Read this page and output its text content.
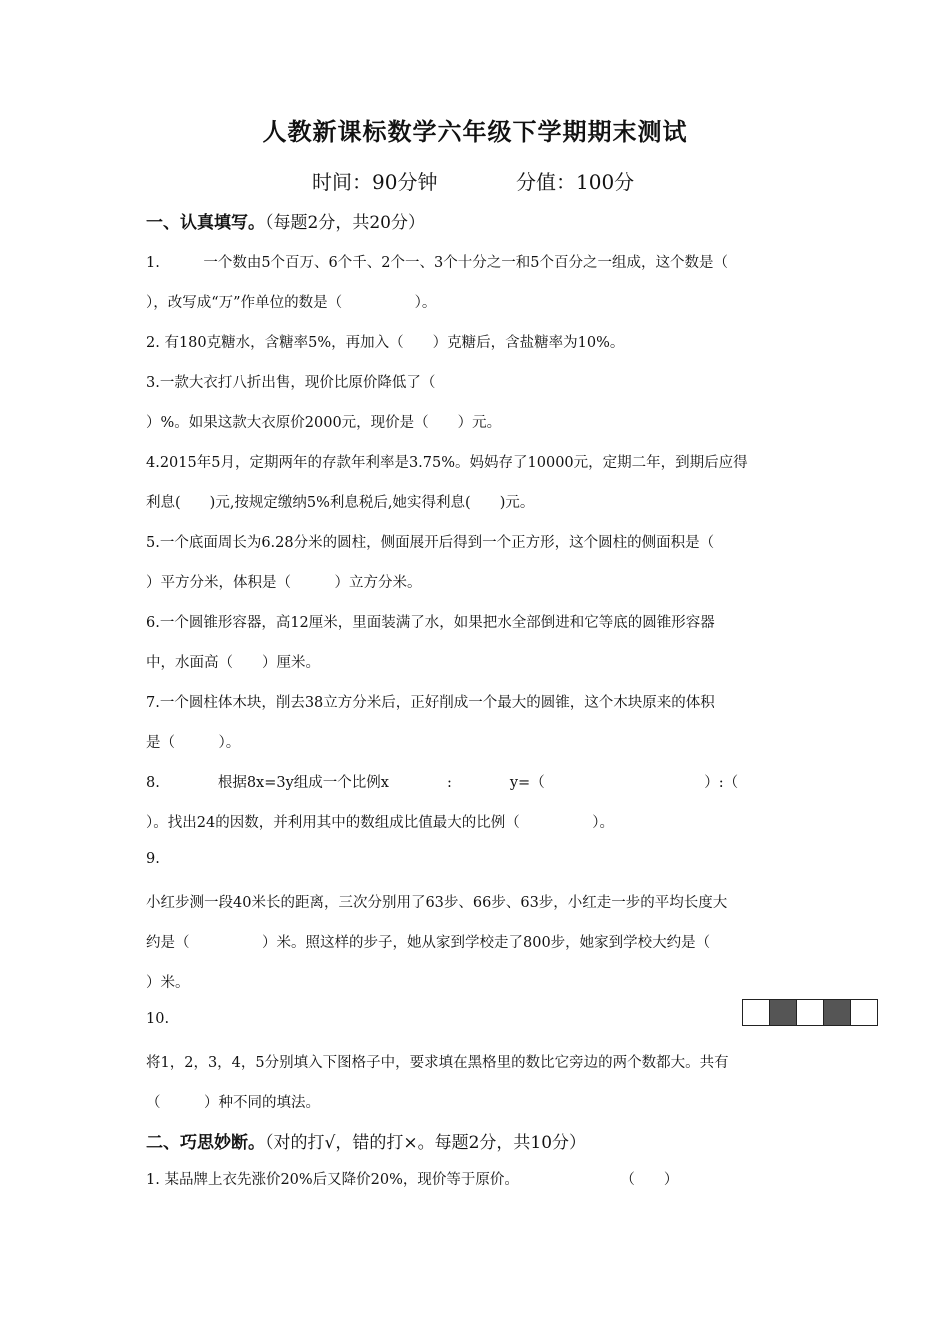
人教新课标数学六年级下学期期末测试
时间：90分钟	分值：100分
一、认真填写。（每题2分，共20分）
1.　　　一个数由5个百万、6个千、2个一、3个十分之一和5个百分之一组成，这个数是（
），改写成“万”作单位的数是（　　　　　）。
2. 有180克糖水，含糖率5%，再加入（　　）克糖后，含盐糖率为10%。
3.一款大衣打八折出售，现价比原价降低了（
）%。如果这款大衣原价2000元，现价是（　　）元。
4.2015年5月，定期两年的存款年利率是3.75%。妈妈存了10000元，定期二年，到期后应得
利息(　　)元,按规定缴纳5%利息税后,她实得利息(　　)元。
5.一个底面周长为6.28分米的圆柱，侧面展开后得到一个正方形，这个圆柱的侧面积是（
）平方分米，体积是（　　　）立方分米。
6.一个圆锥形容器，高12厘米，里面装满了水，如果把水全部倒进和它等底的圆锥形容器
中，水面高（　　）厘米。
7.一个圆柱体木块，削去38立方分米后，正好削成一个最大的圆锥，这个木块原来的体积
是（　　　）。
8.　　　　根据8x=3y组成一个比例x　　　　:　　　　y=（　　　　　　　　　　　）:（
）。找出24的因数，并利用其中的数组成比值最大的比例（　　　　　）。
9.
小红步测一段40米长的距离，三次分别用了63步、66步、63步，小红走一步的平均长度大
约是（　　　　　）米。照这样的步子，她从家到学校走了800步，她家到学校大约是（
）米。
10.
将1，2，3，4，5分别填入下图格子中，要求填在黑格里的数比它旁边的两个数都大。共有
（　　　）种不同的填法。
二、巧思妙断。（对的打√，错的打×。每题2分，共10分）
1. 某品牌上衣先涨价20%后又降价20%，现价等于原价。　　　　　　　　（　　）
